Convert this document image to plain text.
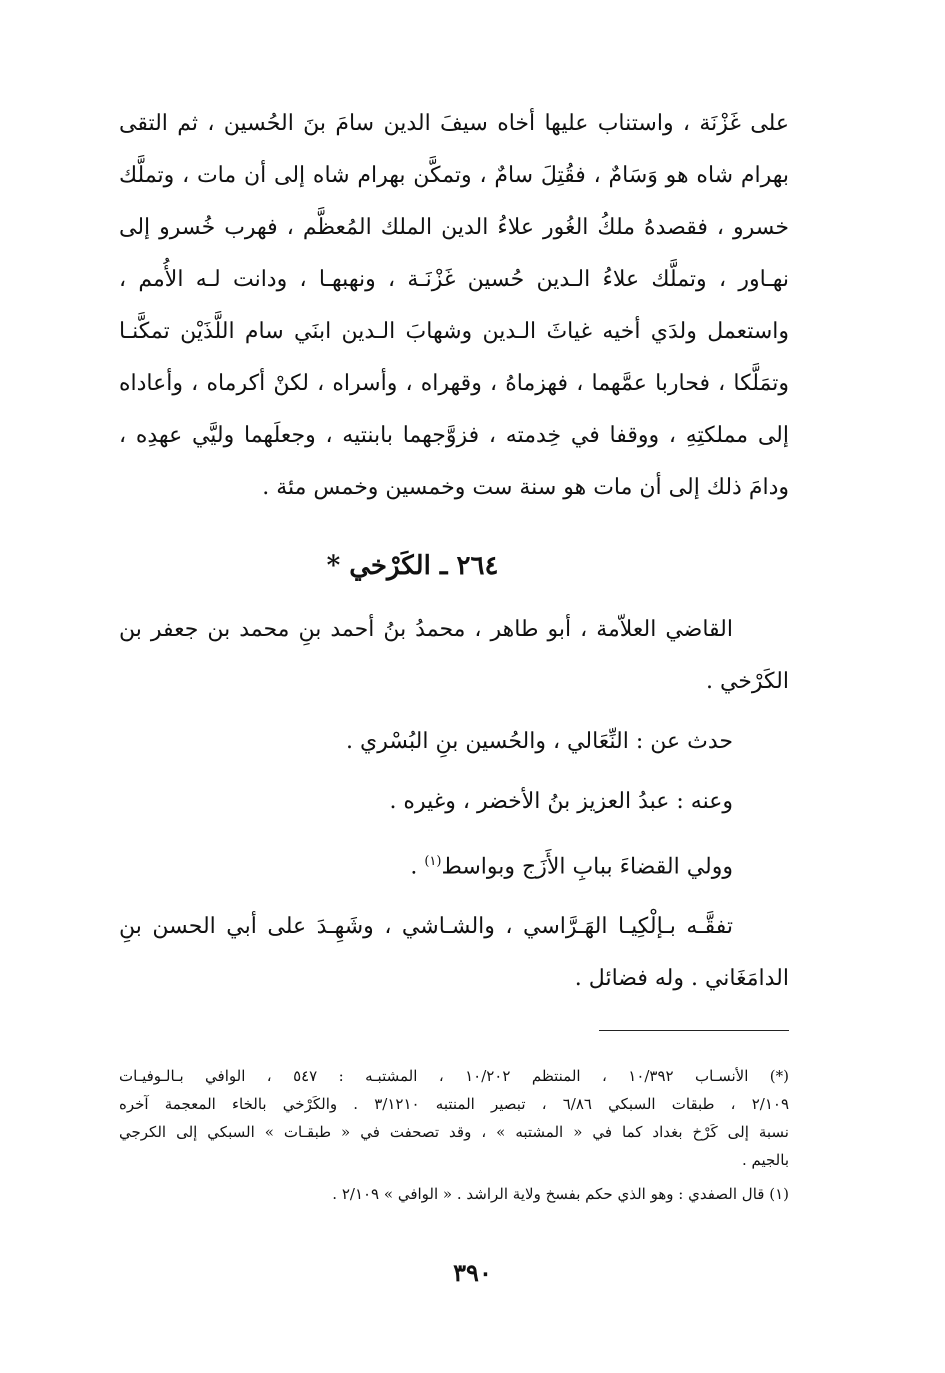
على غَزْنَة ، واستناب عليها أخاه سيفَ الدين سامَ بنَ الحُسين ، ثم التقى
بهرام شاه هو وَسَامٌ ، فقُتِلَ سامٌ ، وتمكَّن بهرام شاه إلى أن مات ، وتملَّك
خسرو ، فقصدهُ ملكُ الغُور علاءُ الدين الملك المُعظَّم ، فهرب خُسرو إلى
نهـاور ، وتملَّك علاءُ الـدين حُسين غَزْنَـة ، ونهبهـا ، ودانت لـه الأُمم ،
واستعمل ولدَي أخيه غياثَ الـدين وشهابَ الـدين ابنَي سام اللَّذَيْن تمكَّنـا
وتمَلَّكا ، فحاربا عمَّهما ، فهزماهُ ، وقهراه ، وأسراه ، لكنْ أكرماه ، وأعاداه
إلى مملكتِهِ ، ووقفا في خِدمته ، فزوَّجهما بابنتيه ، وجعلَهما وليَّي عهدِه ،
ودامَ ذلك إلى أن مات هو سنة ست وخمسين وخمس مئة .
٢٦٤ ـ الكَرْخي *
القاضي العلاّمة ، أبو طاهر ، محمدُ بنُ أحمد بنِ محمد بن جعفر بن
الكَرْخي .
حدث عن : النِّعَالي ، والحُسين بنِ البُسْري .
وعنه : عبدُ العزيز بنُ الأخضر ، وغيره .
وولي القضاءَ ببابِ الأَزَج وبواسط$^{(١)}$ .
تفقَّـه بـإلْكِيـا الهَـرَّاسي ، والشـاشي ، وشَهِـدَ على أبي الحسن بنِ
الدامَغَاني . وله فضائل .
(*) الأنسـاب ١٠/٣٩٢ ، المنتظم ١٠/٢٠٢ ، المشتبـه : ٥٤٧ ، الوافي بـالـوفيـات
٢/١٠٩ ، طبقات السبكي ٦/٨٦ ، تبصير المنتبه ٣/١٢١٠ . والكَرْخي بالخاء المعجمة آخره
نسبة إلى كَرْخ بغداد كما في « المشتبه » ، وقد تصحفت في « طبقـات » السبكي إلى الكرجي
بالجيم .
(١) قال الصفدي : وهو الذي حكم بفسخ ولاية الراشد . « الوافي » ٢/١٠٩ .
٣٩٠
